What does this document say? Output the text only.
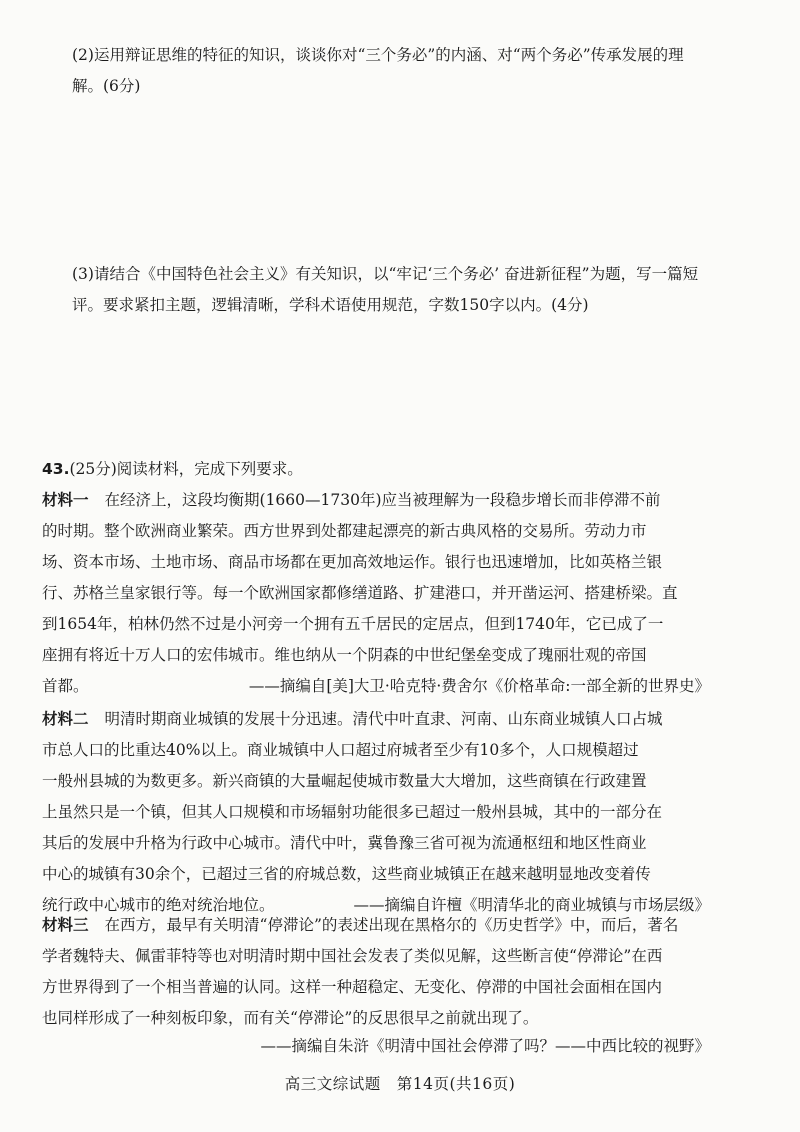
(2)运用辩证思维的特征的知识，谈谈你对“三个务必”的内涵、对“两个务必”传承发展的理
解。(6分)
(3)请结合《中国特色社会主义》有关知识，以“牢记‘三个务必’ 奋进新征程”为题，写一篇短
评。要求紧扣主题，逻辑清晰，学科术语使用规范，字数150字以内。(4分)
43.(25分)阅读材料，完成下列要求。
材料一 在经济上，这段均衡期(1660—1730年)应当被理解为一段稳步增长而非停滞不前
的时期。整个欧洲商业繁荣。西方世界到处都建起漂亮的新古典风格的交易所。劳动力市
场、资本市场、土地市场、商品市场都在更加高效地运作。银行也迅速增加，比如英格兰银
行、苏格兰皇家银行等。每一个欧洲国家都修缮道路、扩建港口，并开凿运河、搭建桥梁。直
到1654年，柏林仍然不过是小河旁一个拥有五千居民的定居点，但到1740年，它已成了一
座拥有将近十万人口的宏伟城市。维也纳从一个阴森的中世纪堡垒变成了瑰丽壮观的帝国
首都。	——摘编自[美]大卫·哈克特·费舍尔《价格革命:一部全新的世界史》
材料二 明清时期商业城镇的发展十分迅速。清代中叶直隶、河南、山东商业城镇人口占城
市总人口的比重达40%以上。商业城镇中人口超过府城者至少有10多个，人口规模超过
一般州县城的为数更多。新兴商镇的大量崛起使城市数量大大增加，这些商镇在行政建置
上虽然只是一个镇，但其人口规模和市场辐射功能很多已超过一般州县城，其中的一部分在
其后的发展中升格为行政中心城市。清代中叶，冀鲁豫三省可视为流通枢纽和地区性商业
中心的城镇有30余个，已超过三省的府城总数，这些商业城镇正在越来越明显地改变着传
统行政中心城市的绝对统治地位。	——摘编自许檀《明清华北的商业城镇与市场层级》
材料三 在西方，最早有关明清“停滞论”的表述出现在黑格尔的《历史哲学》中，而后，著名
学者魏特夫、佩雷菲特等也对明清时期中国社会发表了类似见解，这些断言使“停滞论”在西
方世界得到了一个相当普遍的认同。这样一种超稳定、无变化、停滞的中国社会面相在国内
也同样形成了一种刻板印象，而有关“停滞论”的反思很早之前就出现了。
——摘编自朱浒《明清中国社会停滞了吗？——中西比较的视野》
高三文综试题　第14页(共16页)
